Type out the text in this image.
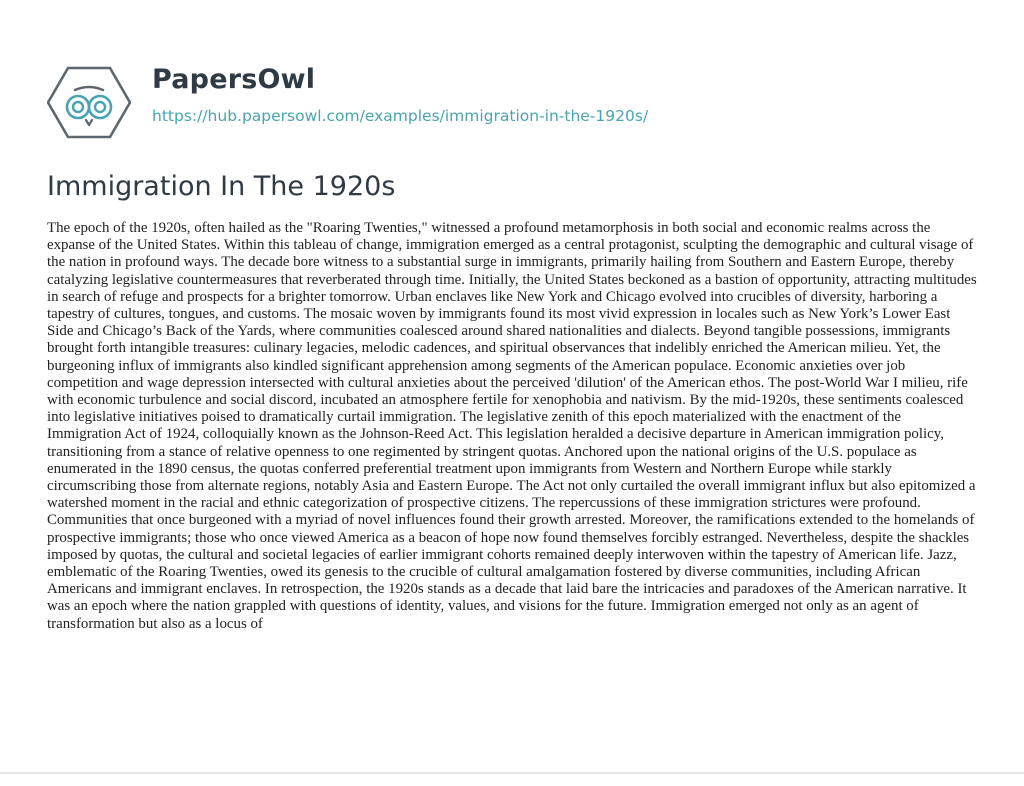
PapersOwl
https://hub.papersowl.com/examples/immigration-in-the-1920s/
Immigration In The 1920s

The epoch of the 1920s, often hailed as the "Roaring Twenties," witnessed a profound metamorphosis in both social and economic realms across the expanse of the United States. Within this tableau of change, immigration emerged as a central protagonist, sculpting the demographic and cultural visage of the nation in profound ways. The decade bore witness to a substantial surge in immigrants, primarily hailing from Southern and Eastern Europe, thereby catalyzing legislative countermeasures that reverberated through time. Initially, the United States beckoned as a bastion of opportunity, attracting multitudes in search of refuge and prospects for a brighter tomorrow. Urban enclaves like New York and Chicago evolved into crucibles of diversity, harboring a tapestry of cultures, tongues, and customs. The mosaic woven by immigrants found its most vivid expression in locales such as New York’s Lower East Side and Chicago’s Back of the Yards, where communities coalesced around shared nationalities and dialects. Beyond tangible possessions, immigrants brought forth intangible treasures: culinary legacies, melodic cadences, and spiritual observances that indelibly enriched the American milieu. Yet, the burgeoning influx of immigrants also kindled significant apprehension among segments of the American populace. Economic anxieties over job competition and wage depression intersected with cultural anxieties about the perceived 'dilution' of the American ethos. The post-World War I milieu, rife with economic turbulence and social discord, incubated an atmosphere fertile for xenophobia and nativism. By the mid-1920s, these sentiments coalesced into legislative initiatives poised to dramatically curtail immigration. The legislative zenith of this epoch materialized with the enactment of the Immigration Act of 1924, colloquially known as the Johnson-Reed Act. This legislation heralded a decisive departure in American immigration policy, transitioning from a stance of relative openness to one regimented by stringent quotas. Anchored upon the national origins of the U.S. populace as enumerated in the 1890 census, the quotas conferred preferential treatment upon immigrants from Western and Northern Europe while starkly circumscribing those from alternate regions, notably Asia and Eastern Europe. The Act not only curtailed the overall immigrant influx but also epitomized a watershed moment in the racial and ethnic categorization of prospective citizens. The repercussions of these immigration strictures were profound. Communities that once burgeoned with a myriad of novel influences found their growth arrested. Moreover, the ramifications extended to the homelands of prospective immigrants; those who once viewed America as a beacon of hope now found themselves forcibly estranged. Nevertheless, despite the shackles imposed by quotas, the cultural and societal legacies of earlier immigrant cohorts remained deeply interwoven within the tapestry of American life. Jazz, emblematic of the Roaring Twenties, owed its genesis to the crucible of cultural amalgamation fostered by diverse communities, including African Americans and immigrant enclaves. In retrospection, the 1920s stands as a decade that laid bare the intricacies and paradoxes of the American narrative. It was an epoch where the nation grappled with questions of identity, values, and visions for the future. Immigration emerged not only as an agent of transformation but also as a locus of
